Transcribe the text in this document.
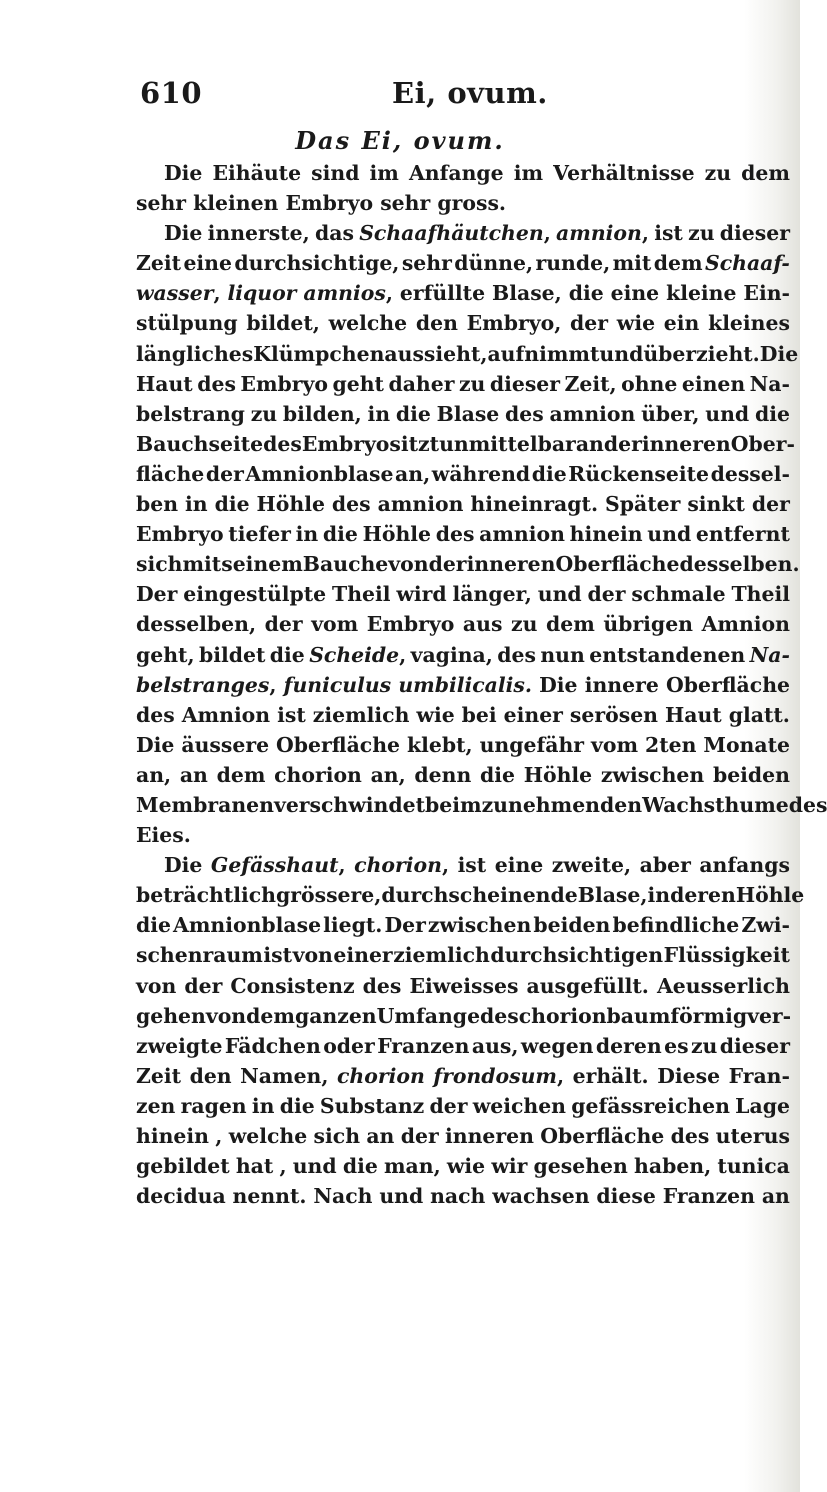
610	Ei, ovum.
Das Ei, ovum.
Die Eihäute sind im Anfange im Verhältnisse zu dem
sehr kleinen Embryo sehr gross.
Die innerste, das Schaafhäutchen, amnion, ist zu dieser
Zeit eine durchsichtige, sehr dünne, runde, mit dem Schaaf-
wasser, liquor amnios, erfüllte Blase, die eine kleine Ein-
stülpung bildet, welche den Embryo, der wie ein kleines
längliches Klümpchen aussieht, aufnimmt und überzieht. Die
Haut des Embryo geht daher zu dieser Zeit, ohne einen Na-
belstrang zu bilden, in die Blase des amnion über, und die
Bauchseite des Embryo sitzt unmittelbar an der inneren Ober-
fläche der Amnionblase an, während die Rückenseite dessel-
ben in die Höhle des amnion hineinragt. Später sinkt der
Embryo tiefer in die Höhle des amnion hinein und entfernt
sich mit seinem Bauche von der inneren Oberfläche desselben.
Der eingestülpte Theil wird länger, und der schmale Theil
desselben, der vom Embryo aus zu dem übrigen Amnion
geht, bildet die Scheide, vagina, des nun entstandenen Na-
belstranges, funiculus umbilicalis. Die innere Oberfläche
des Amnion ist ziemlich wie bei einer serösen Haut glatt.
Die äussere Oberfläche klebt, ungefähr vom 2ten Monate
an, an dem chorion an, denn die Höhle zwischen beiden
Membranen verschwindet beim zunehmenden Wachsthume des
Eies.
Die Gefässhaut, chorion, ist eine zweite, aber anfangs
beträchtlich grössere, durchscheinende Blase, in deren Höhle
die Amnionblase liegt. Der zwischen beiden befindliche Zwi-
schenraum ist von einer ziemlich durchsichtigen Flüssigkeit
von der Consistenz des Eiweisses ausgefüllt. Aeusserlich
gehen von dem ganzen Umfange des chorion baumförmig ver-
zweigte Fädchen oder Franzen aus, wegen deren es zu dieser
Zeit den Namen, chorion frondosum, erhält. Diese Fran-
zen ragen in die Substanz der weichen gefässreichen Lage
hinein , welche sich an der inneren Oberfläche des uterus
gebildet hat , und die man, wie wir gesehen haben, tunica
decidua nennt. Nach und nach wachsen diese Franzen an
